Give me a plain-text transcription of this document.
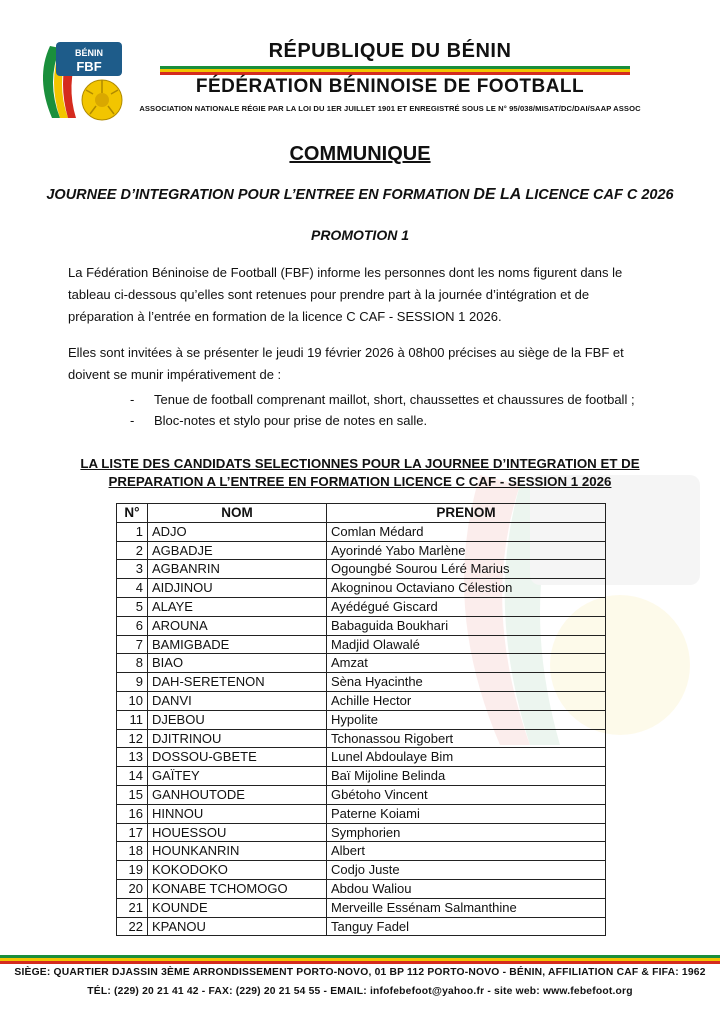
BÉNIN
FBF
RÉPUBLIQUE DU BÉNIN
FÉDÉRATION BÉNINOISE DE FOOTBALL
ASSOCIATION NATIONALE RÉGIE PAR LA LOI DU 1ER JUILLET 1901 ET ENREGISTRÉ SOUS LE N° 95/038/MISAT/DC/DAI/SAAP ASSOC
COMMUNIQUE
JOURNEE D’INTEGRATION POUR L’ENTREE EN FORMATION DE LA LICENCE CAF C 2026
PROMOTION 1
La Fédération Béninoise de Football (FBF) informe les personnes dont les noms figurent dans le tableau ci-dessous qu’elles sont retenues pour prendre part à la journée d’intégration et de préparation à l’entrée en formation de la licence C CAF - SESSION 1 2026.
Elles sont invitées à se présenter le jeudi 19 février 2026 à 08h00 précises au siège de la FBF et doivent se munir impérativement de :
- Tenue de football comprenant maillot, short, chaussettes et chaussures de football ;
- Bloc-notes et stylo pour prise de notes en salle.
LA LISTE DES CANDIDATS SELECTIONNES POUR LA JOURNEE D’INTEGRATION ET DE
PREPARATION A L’ENTREE EN FORMATION LICENCE C CAF - SESSION 1 2026
N°	NOM	PRENOM
1	ADJO	Comlan Médard
2	AGBADJE	Ayorindé Yabo Marlène
3	AGBANRIN	Ogoungbé Sourou Léré Marius
4	AIDJINOU	Akogninou Octaviano Célestion
5	ALAYE	Ayédégué Giscard
6	AROUNA	Babaguida Boukhari
7	BAMIGBADE	Madjid Olawalé
8	BIAO	Amzat
9	DAH-SERETENON	Sèna Hyacinthe
10	DANVI	Achille Hector
11	DJEBOU	Hypolite
12	DJITRINOU	Tchonassou Rigobert
13	DOSSOU-GBETE	Lunel Abdoulaye Bim
14	GAÏTEY	Baï Mijoline Belinda
15	GANHOUTODE	Gbétoho Vincent
16	HINNOU	Paterne Koiami
17	HOUESSOU	Symphorien
18	HOUNKANRIN	Albert
19	KOKODOKO	Codjo Juste
20	KONABE TCHOMOGO	Abdou Waliou
21	KOUNDE	Merveille Essénam Salmanthine
22	KPANOU	Tanguy Fadel
SIÈGE: QUARTIER DJASSIN 3ÈME ARRONDISSEMENT PORTO-NOVO, 01 BP 112 PORTO-NOVO - BÉNIN, AFFILIATION CAF & FIFA: 1962
TÉL: (229) 20 21 41 42 - FAX: (229) 20 21 54 55 - EMAIL: infofebefoot@yahoo.fr - site web: www.febefoot.org
